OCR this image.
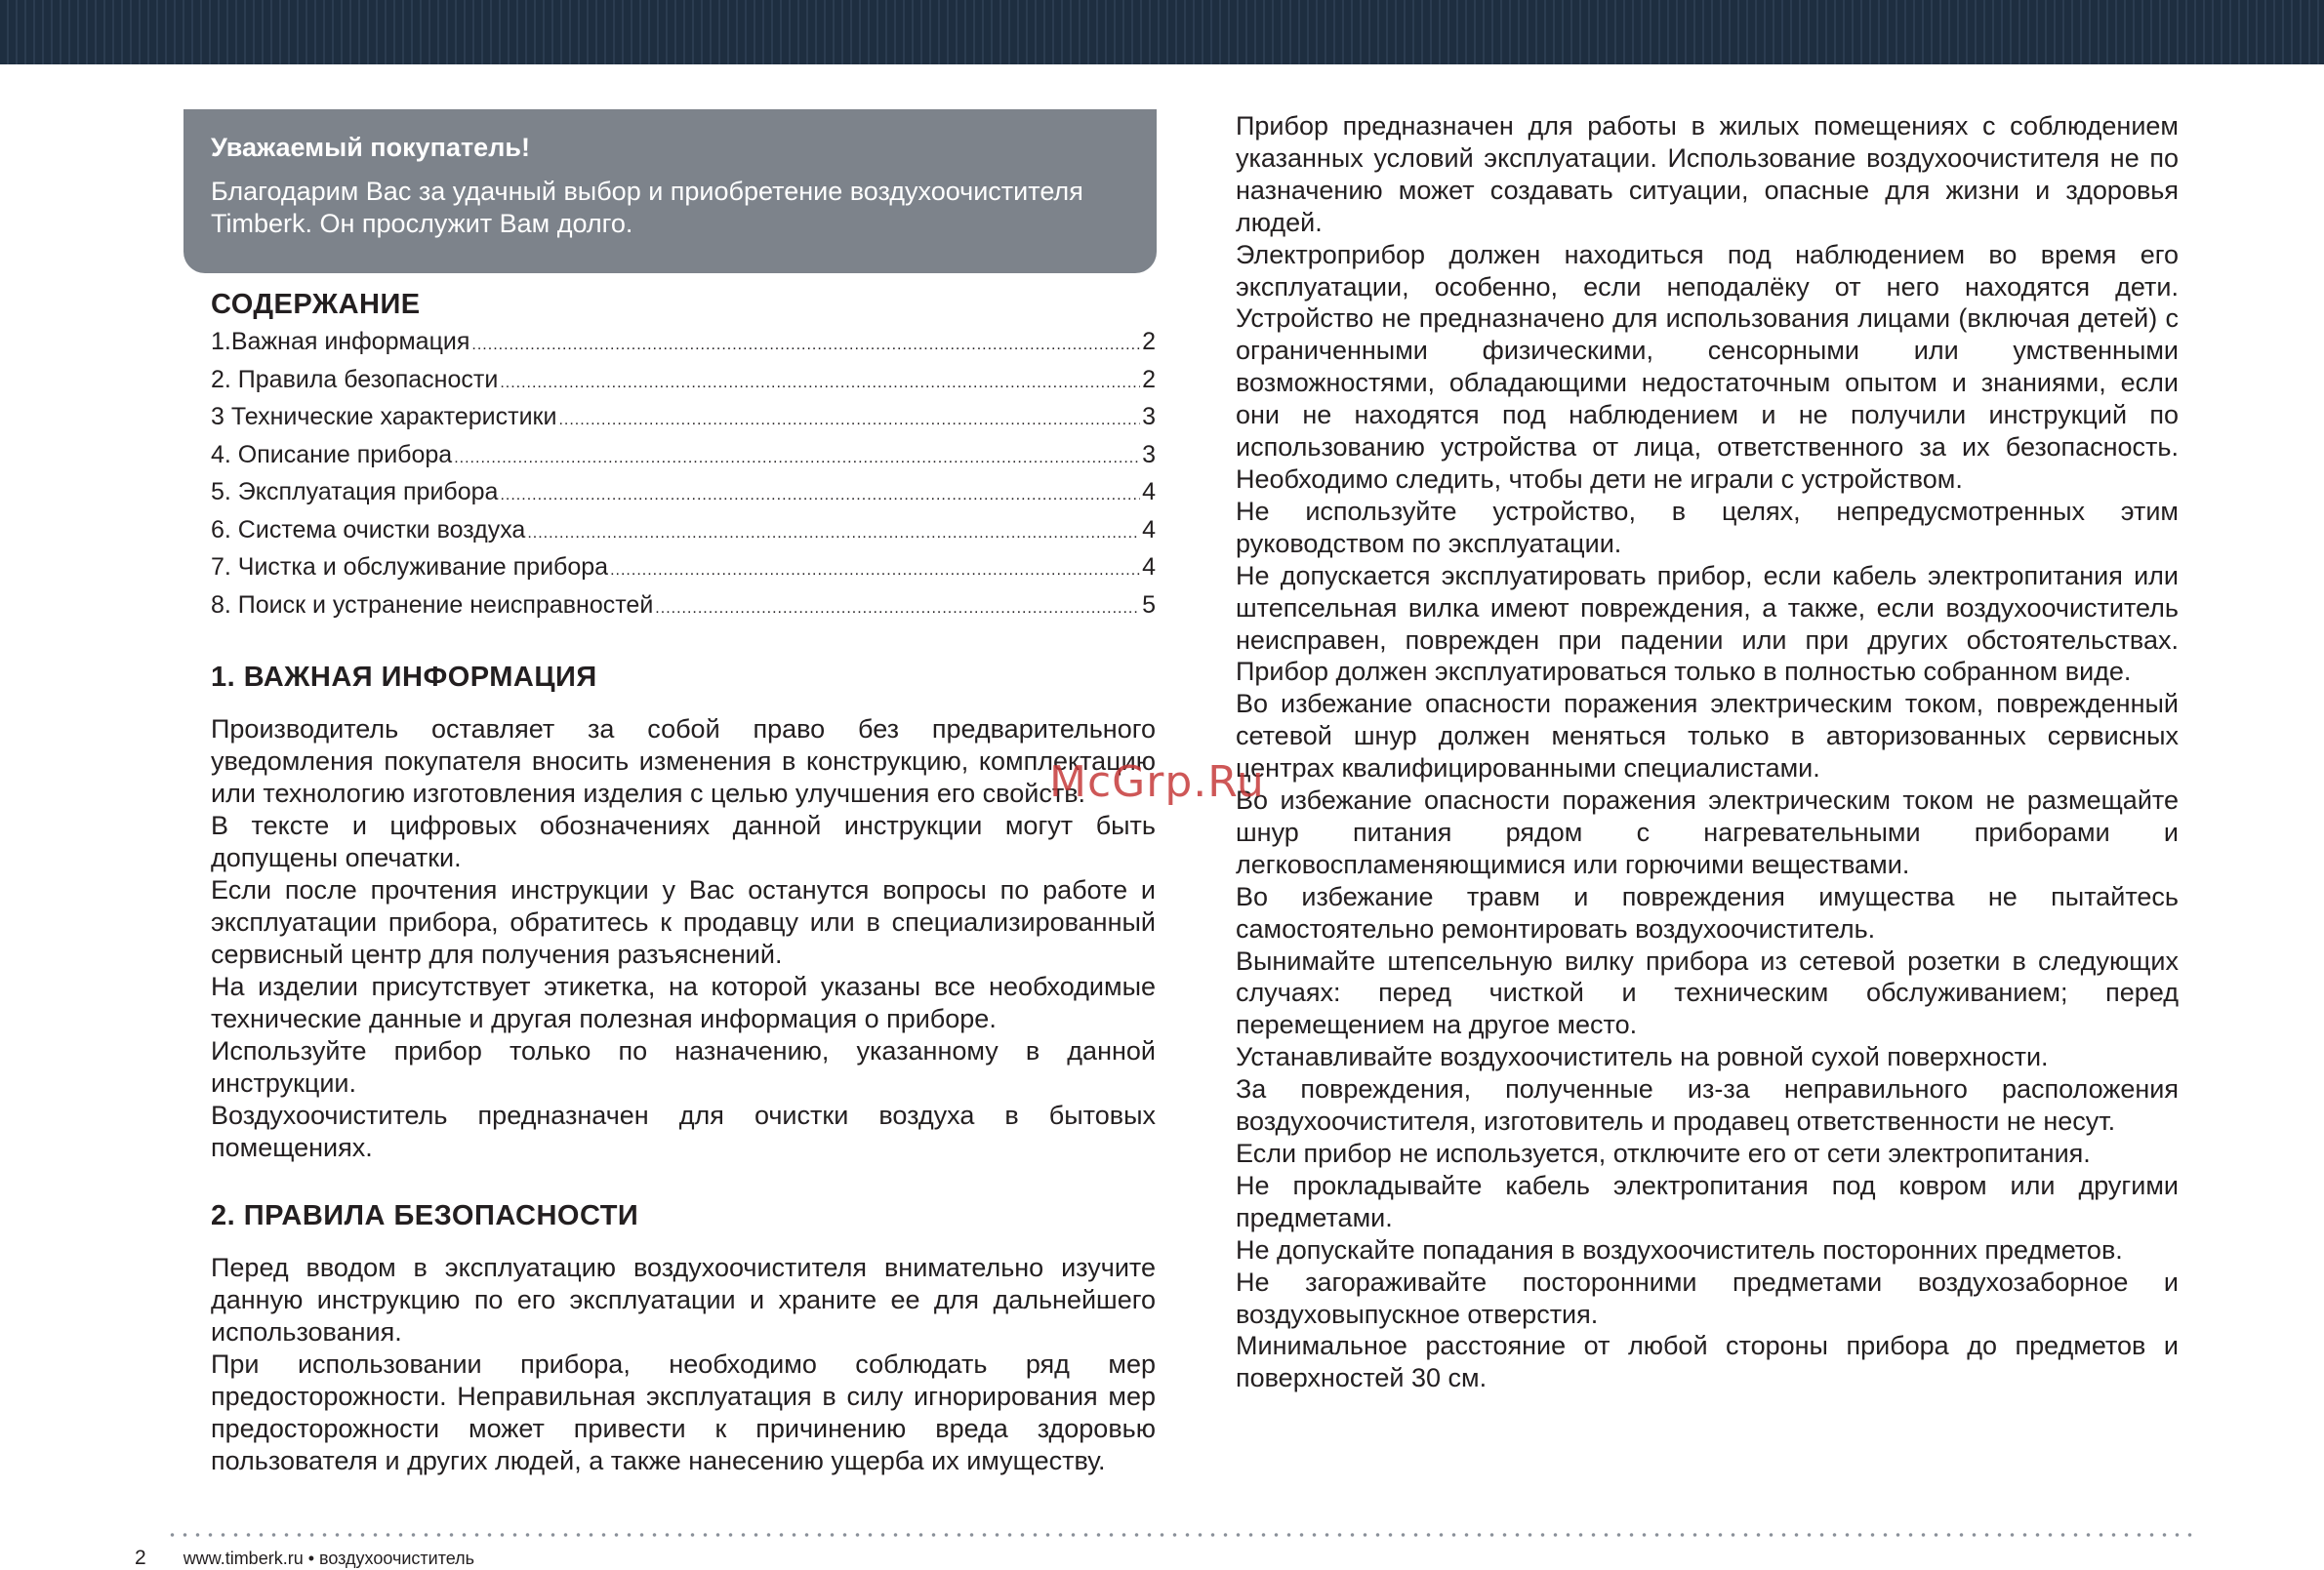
Уважаемый покупатель!

Благодарим Вас за удачный выбор и приобретение воздухоочистителя Timberk. Он прослужит Вам долго.

СОДЕРЖАНИЕ
1.Важная информация .....	2
2. Правила безопасности .....	2
3 Технические характеристики .....	3
4. Описание прибора .....	3
5. Эксплуатация прибора .....	4
6. Система очистки воздуха .....	4
7. Чистка и обслуживание прибора .....	4
8. Поиск и устранение неисправностей .....	5
1. ВАЖНАЯ ИНФОРМАЦИЯ

Производитель оставляет за собой право без предварительного уведомления покупателя вносить изменения в конструкцию, комплектацию или технологию изготовления изделия с целью улучшения его свойств.

В тексте и цифровых обозначениях данной инструкции могут быть допущены опечатки.

Если после прочтения инструкции у Вас останутся вопросы по работе и эксплуатации прибора, обратитесь к продавцу или в специализированный сервисный центр для получения разъяснений.

На изделии присутствует этикетка, на которой указаны все необходимые технические данные и другая полезная информация о приборе.

Используйте прибор только по назначению, указанному в данной инструкции.

Воздухоочиститель предназначен для очистки воздуха в бытовых помещениях.

2. ПРАВИЛА БЕЗОПАСНОСТИ

Перед вводом в эксплуатацию воздухоочистителя внимательно изучите данную инструкцию по его эксплуатации и храните ее для дальнейшего использования.

При использовании прибора, необходимо соблюдать ряд мер предосторожности. Неправильная эксплуатация в силу игнорирования мер предосторожности может привести к причинению вреда здоровью пользователя и других людей, а также нанесению ущерба их имуществу.

Прибор предназначен для работы в жилых помещениях с соблюдением указанных условий эксплуатации. Использование воздухоочистителя не по назначению может создавать ситуации, опасные для жизни и здоровья людей.

Электроприбор должен находиться под наблюдением во время его эксплуатации, особенно, если неподалёку от него находятся дети. Устройство не предназначено для использования лицами (включая детей) с ограниченными физическими, сенсорными или умственными возможностями, обладающими недостаточным опытом и знаниями, если они не находятся под наблюдением и не получили инструкций по использованию устройства от лица, ответственного за их безопасность. Необходимо следить, чтобы дети не играли с устройством.

Не используйте устройство, в целях, непредусмотренных этим руководством по эксплуатации.

Не допускается эксплуатировать прибор, если кабель электропитания или штепсельная вилка имеют повреждения, а также, если воздухоочиститель неисправен, поврежден при падении или при других обстоятельствах. Прибор должен эксплуатироваться только в полностью собранном виде.

Во избежание опасности поражения электрическим током, поврежденный сетевой шнур должен меняться только в авторизованных сервисных центрах квалифицированными специалистами.

Во избежание опасности поражения электрическим током не размещайте шнур питания рядом с нагревательными приборами и легковоспламеняющимися или горючими веществами.

Во избежание травм и повреждения имущества не пытайтесь самостоятельно ремонтировать воздухоочиститель.

Вынимайте штепсельную вилку прибора из сетевой розетки в следующих случаях: перед чисткой и техническим обслуживанием; перед перемещением на другое место.

Устанавливайте воздухоочиститель на ровной сухой поверхности.

За повреждения, полученные из-за неправильного расположения воздухоочистителя, изготовитель и продавец ответственности не несут.

Если прибор не используется, отключите его от сети электропитания.

Не прокладывайте кабель электропитания под ковром или другими предметами.

Не допускайте попадания в воздухоочиститель посторонних предметов.

Не загораживайте посторонними предметами воздухозаборное и воздуховыпускное отверстия.

Минимальное расстояние от любой стороны прибора до предметов и поверхностей 30 см.

McGrp.Ru
2 www.timberk.ru • воздухоочиститель
